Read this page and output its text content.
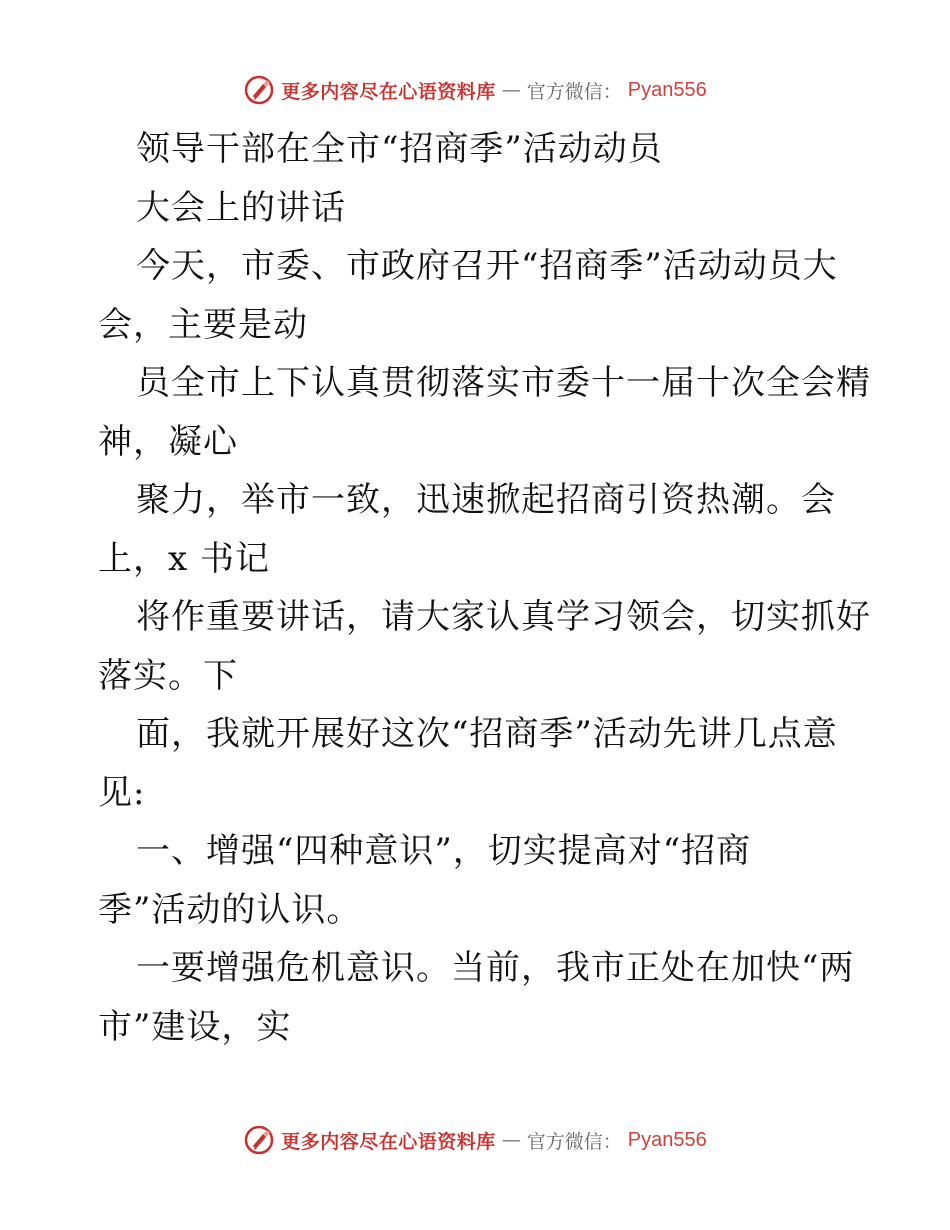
更多内容尽在心语资料库 — 官方微信： Pyan556
领导干部在全市“招商季”活动动员
大会上的讲话
今天，市委、市政府召开“招商季”活动动员大
会，主要是动
员全市上下认真贯彻落实市委十一届十次全会精
神，凝心
聚力，举市一致，迅速掀起招商引资热潮。会
上，x 书记
将作重要讲话，请大家认真学习领会，切实抓好
落实。下
面，我就开展好这次“招商季”活动先讲几点意
见:
一、增强“四种意识”，切实提高对“招商
季”活动的认识。
一要增强危机意识。当前，我市正处在加快“两
市”建设，实
更多内容尽在心语资料库 — 官方微信： Pyan556
